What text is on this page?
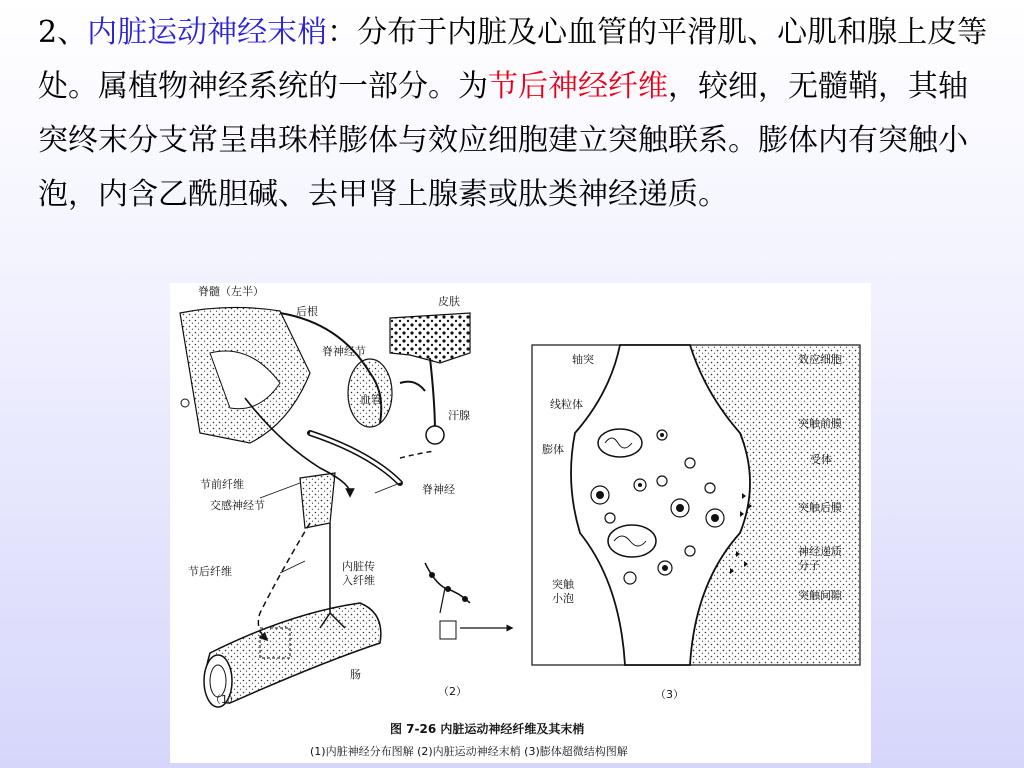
2、内脏运动神经末梢：分布于内脏及心血管的平滑肌、心肌和腺上皮等处。属植物神经系统的一部分。为节后神经纤维，较细，无髓鞘，其轴突终末分支常呈串珠样膨体与效应细胞建立突触联系。膨体内有突触小泡，内含乙酰胆碱、去甲肾上腺素或肽类神经递质。
脊髓（左半）
后根
脊神经节
皮肤
血管
汗腺
节前纤维
交感神经节
脊神经
节后纤维	内脏传入纤维
肠
（1）
（2）	（3）
轴突
线粒体
膨体
突触小泡
效应细胞
突触前膜
受体
突触后膜
神经递质分子
突触间隙
图 7-26 内脏运动神经纤维及其末梢
(1)内脏神经分布图解 (2)内脏运动神经末梢 (3)膨体超微结构图解
